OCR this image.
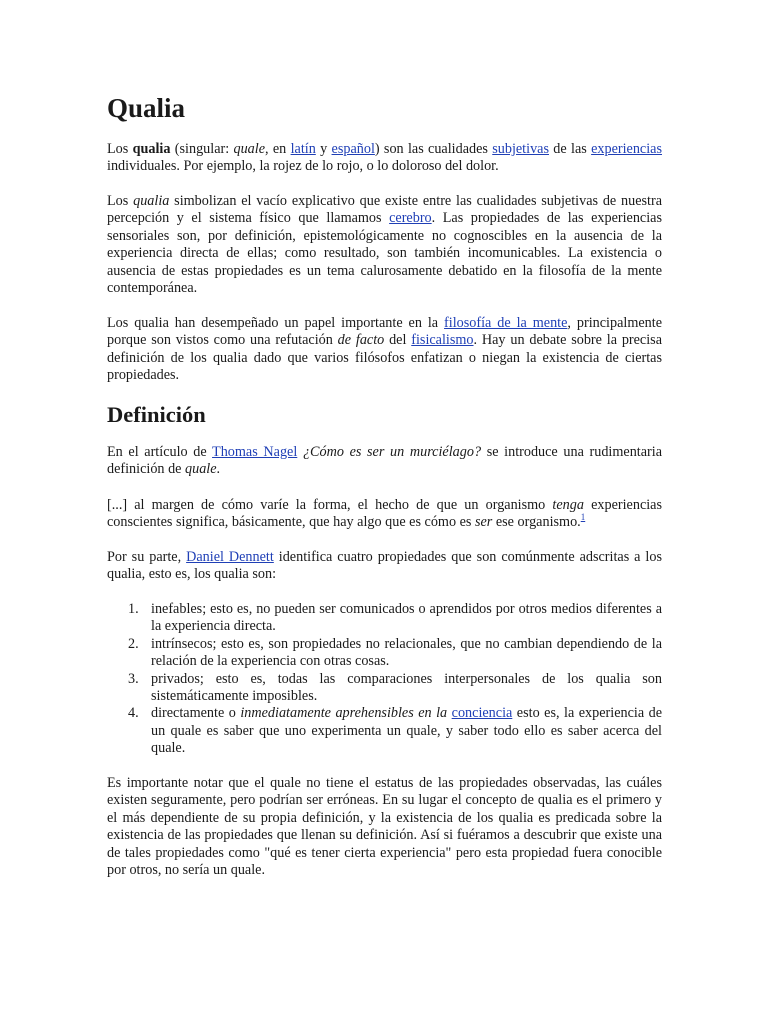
Qualia

Los qualia (singular: quale, en latín y español) son las cualidades subjetivas de las experiencias individuales. Por ejemplo, la rojez de lo rojo, o lo doloroso del dolor.

Los qualia simbolizan el vacío explicativo que existe entre las cualidades subjetivas de nuestra percepción y el sistema físico que llamamos cerebro. Las propiedades de las experiencias sensoriales son, por definición, epistemológicamente no cognoscibles en la ausencia de la experiencia directa de ellas; como resultado, son también incomunicables. La existencia o ausencia de estas propiedades es un tema calurosamente debatido en la filosofía de la mente contemporánea.

Los qualia han desempeñado un papel importante en la filosofía de la mente, principalmente porque son vistos como una refutación de facto del fisicalismo. Hay un debate sobre la precisa definición de los qualia dado que varios filósofos enfatizan o niegan la existencia de ciertas propiedades.

Definición

En el artículo de Thomas Nagel ¿Cómo es ser un murciélago? se introduce una rudimentaria definición de quale.

[...] al margen de cómo varíe la forma, el hecho de que un organismo tenga experiencias conscientes significa, básicamente, que hay algo que es cómo es ser ese organismo.$^1$

Por su parte, Daniel Dennett identifica cuatro propiedades que son comúnmente adscritas a los qualia, esto es, los qualia son:

1. inefables; esto es, no pueden ser comunicados o aprendidos por otros medios diferentes a la experiencia directa.
2. intrínsecos; esto es, son propiedades no relacionales, que no cambian dependiendo de la relación de la experiencia con otras cosas.
3. privados; esto es, todas las comparaciones interpersonales de los qualia son sistemáticamente imposibles.
4. directamente o inmediatamente aprehensibles en la conciencia esto es, la experiencia de un quale es saber que uno experimenta un quale, y saber todo ello es saber acerca del quale.

Es importante notar que el quale no tiene el estatus de las propiedades observadas, las cuáles existen seguramente, pero podrían ser erróneas. En su lugar el concepto de qualia es el primero y el más dependiente de su propia definición, y la existencia de los qualia es predicada sobre la existencia de las propiedades que llenan su definición. Así si fuéramos a descubrir que existe una de tales propiedades como "qué es tener cierta experiencia" pero esta propiedad fuera conocible por otros, no sería un quale.
